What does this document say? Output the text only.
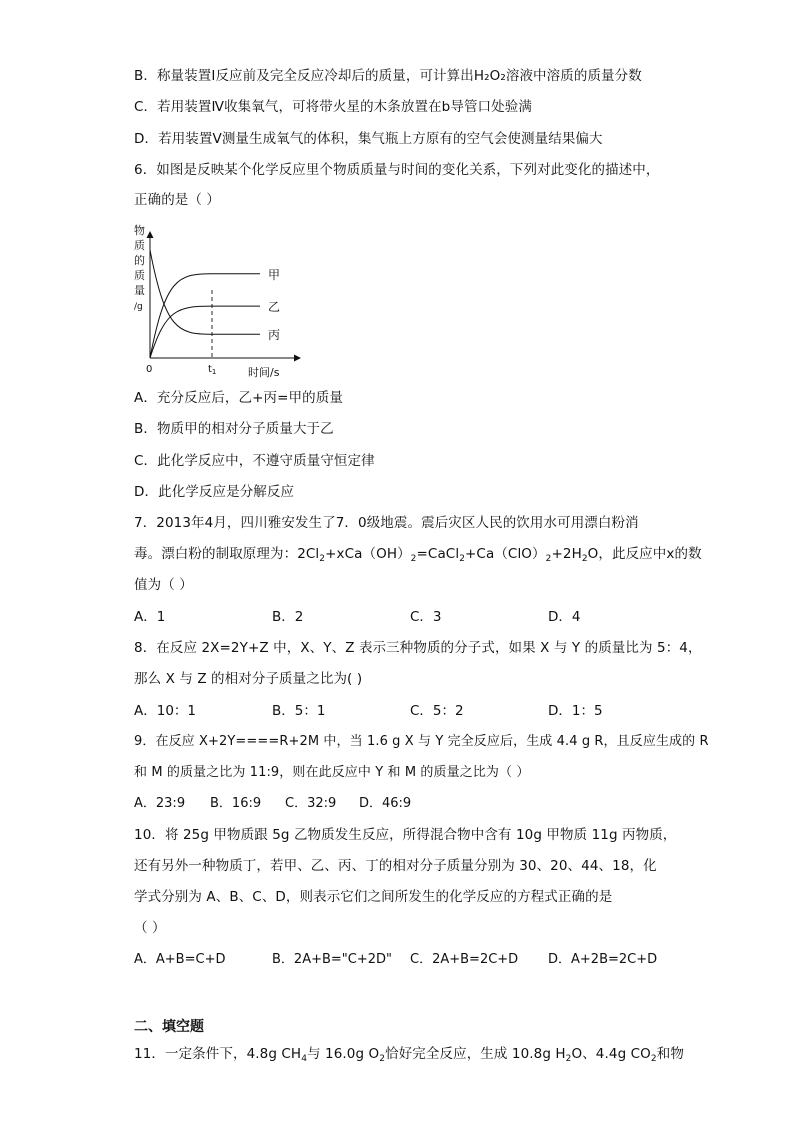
B．称量装置Ⅰ反应前及完全反应冷却后的质量，可计算出H₂O₂溶液中溶质的质量分数
C．若用装置Ⅳ收集氧气，可将带火星的木条放置在b导管口处验满
D．若用装置Ⅴ测量生成氧气的体积，集气瓶上方原有的空气会使测量结果偏大
6．如图是反映某个化学反应里个物质质量与时间的变化关系，下列对此变化的描述中，
正确的是（ ）
物
质
的
质
量
/g
甲
乙
丙
0	$t_1$	时间/s
A．充分反应后，乙+丙=甲的质量
B．物质甲的相对分子质量大于乙
C．此化学反应中，不遵守质量守恒定律
D．此化学反应是分解反应
7．2013年4月，四川雅安发生了7．0级地震。震后灾区人民的饮用水可用漂白粉消
毒。漂白粉的制取原理为：$2Cl_2+xCa(OH)_2=CaCl_2+Ca(ClO)_2+2H_2O$，此反应中x的数
值为（ ）
A．1	B．2	C．3	D．4
8．在反应 2X=2Y+Z 中，X、Y、Z 表示三种物质的分子式，如果 X 与 Y 的质量比为 5：4，
那么 X 与 Z 的相对分子质量之比为( )
A．10：1	B．5：1	C．5：2	D．1：5
9．在反应 X+2Y====R+2M 中，当 1.6 g X 与 Y 完全反应后，生成 4.4 g R，且反应生成的 R
和 M 的质量之比为 11:9，则在此反应中 Y 和 M 的质量之比为（ ）
A．23:9 B．16:9 C．32:9 D．46:9
10．将 25g 甲物质跟 5g 乙物质发生反应，所得混合物中含有 10g 甲物质 11g 丙物质，
还有另外一种物质丁，若甲、乙、丙、丁的相对分子质量分别为 30、20、44、18，化
学式分别为 A、B、C、D，则表示它们之间所发生的化学反应的方程式正确的是
（ ）
A．A+B=C+D	B．2A+B="C+2D" C．2A+B=2C+D D．A+2B=2C+D
二、填空题
11．一定条件下，4.8g $CH_4$与 16.0g $O_2$恰好完全反应，生成 10.8g $H_2O$、4.4g $CO_2$和物
